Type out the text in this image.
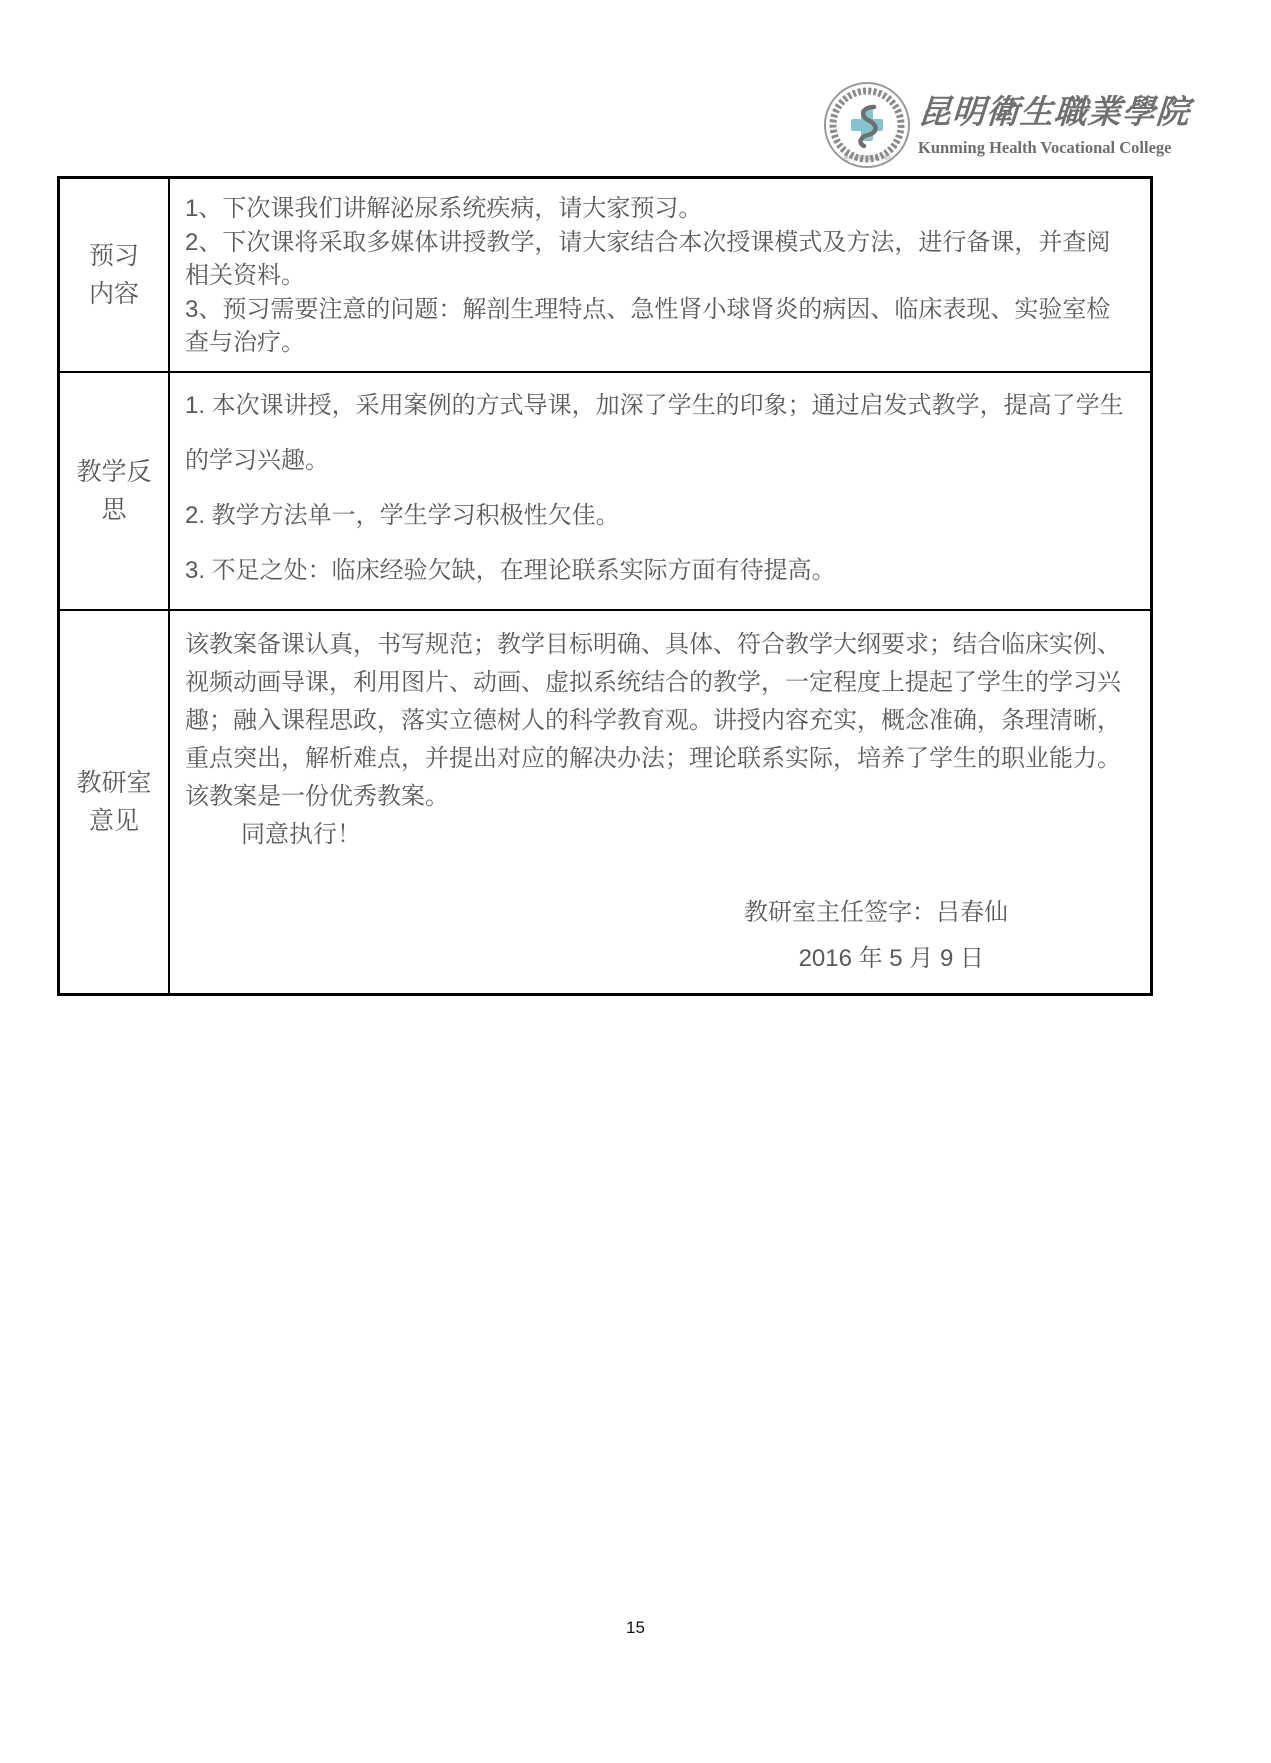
昆明卫生职业学院
昆明衛生職業學院
Kunming Health Vocational College
预习
内容

1、下次课我们讲解泌尿系统疾病，请大家预习。

2、下次课将采取多媒体讲授教学，请大家结合本次授课模式及方法，进行备课，并查阅相关资料。

3、预习需要注意的问题：解剖生理特点、急性肾小球肾炎的病因、临床表现、实验室检查与治疗。

教学反
思

1. 本次课讲授，采用案例的方式导课，加深了学生的印象；通过启发式教学，提高了学生的学习兴趣。

2. 教学方法单一，学生学习积极性欠佳。

3. 不足之处：临床经验欠缺，在理论联系实际方面有待提高。

教研室
意见

该教案备课认真，书写规范；教学目标明确、具体、符合教学大纲要求；结合临床实例、视频动画导课，利用图片、动画、虚拟系统结合的教学，一定程度上提起了学生的学习兴趣；融入课程思政，落实立德树人的科学教育观。讲授内容充实，概念准确，条理清晰，重点突出，解析难点，并提出对应的解决办法；理论联系实际，培养了学生的职业能力。该教案是一份优秀教案。

同意执行！

教研室主任签字：吕春仙
2016 年 5 月 9 日
15
